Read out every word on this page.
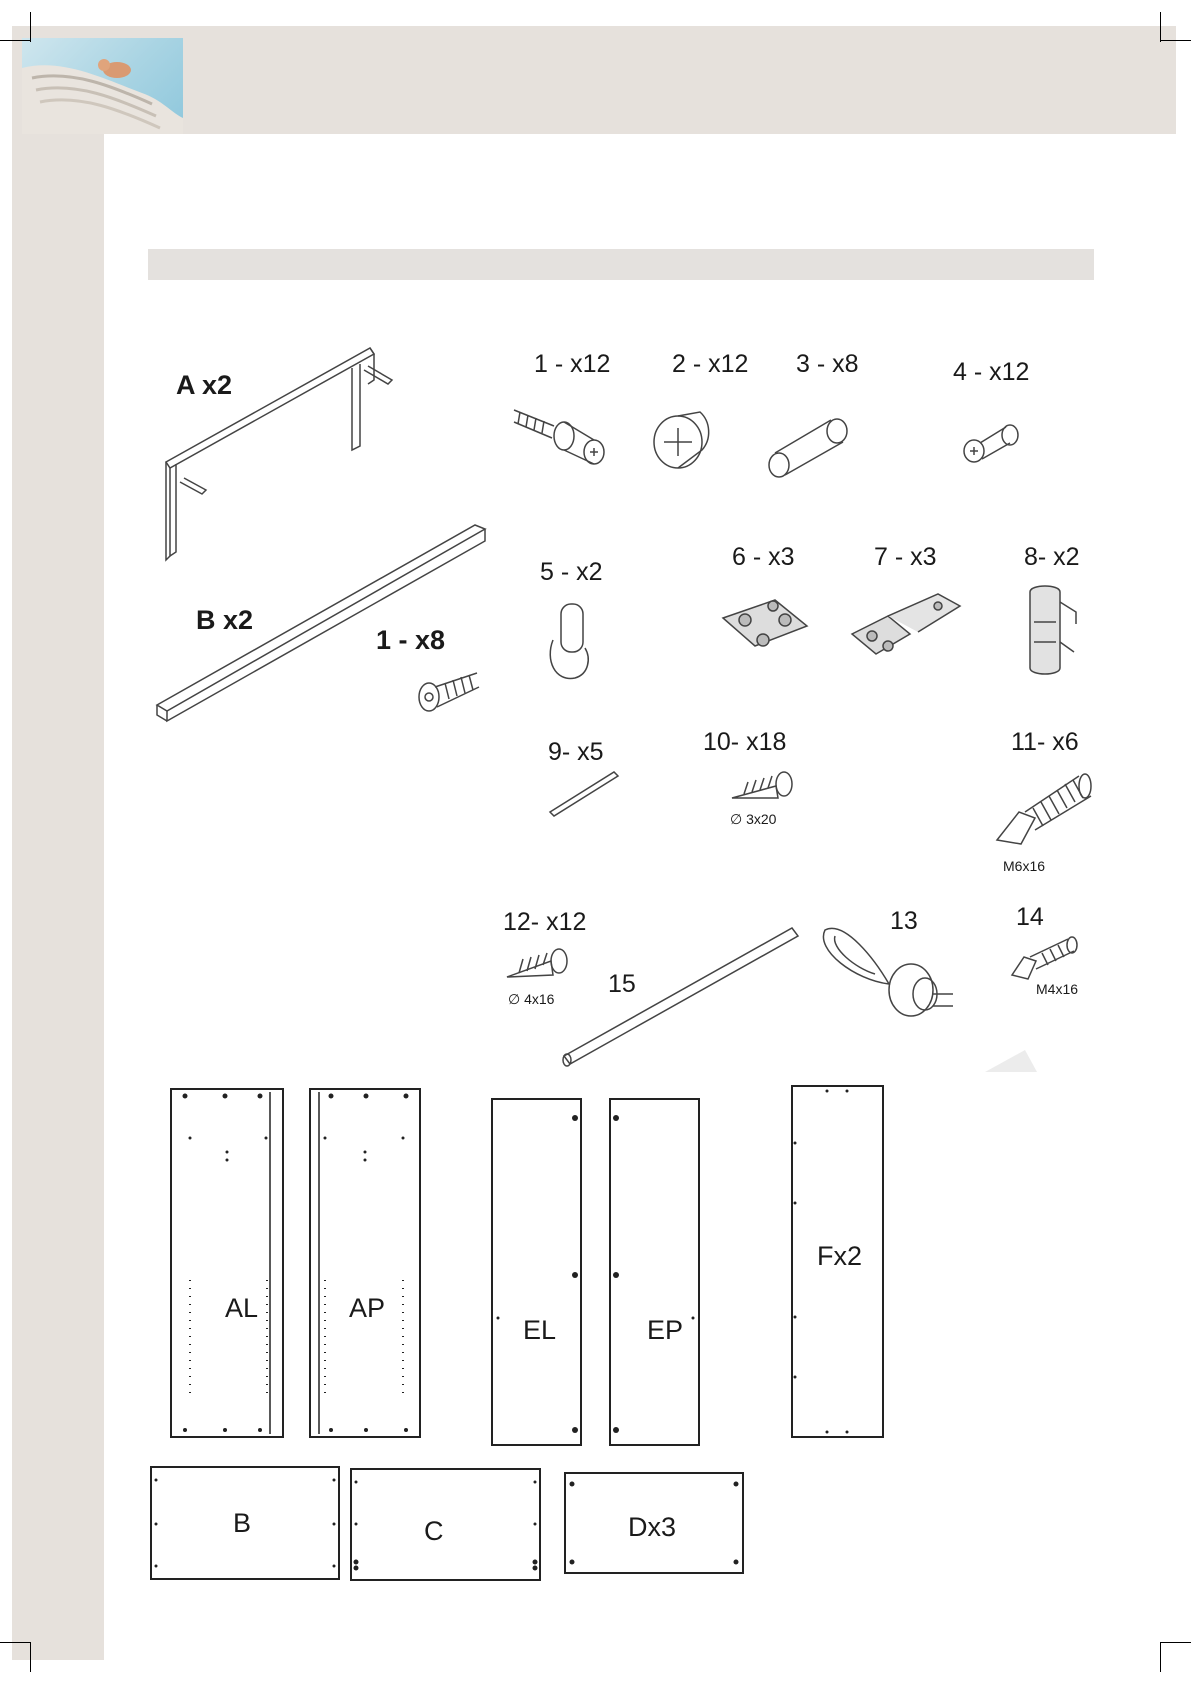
A x2
B x2
1 - x8
1 - x12 2 - x12 3 - x8	4 - x12
5 - x2
6 - x3	7 - x3	8- x2
9- x5	10- x18
∅ 3x20
11- x6
M6x16
12- x12
∅ 4x16
15
13	14
M4x16
AL	AP
EL	EP
Fx2
B	C	Dx3
